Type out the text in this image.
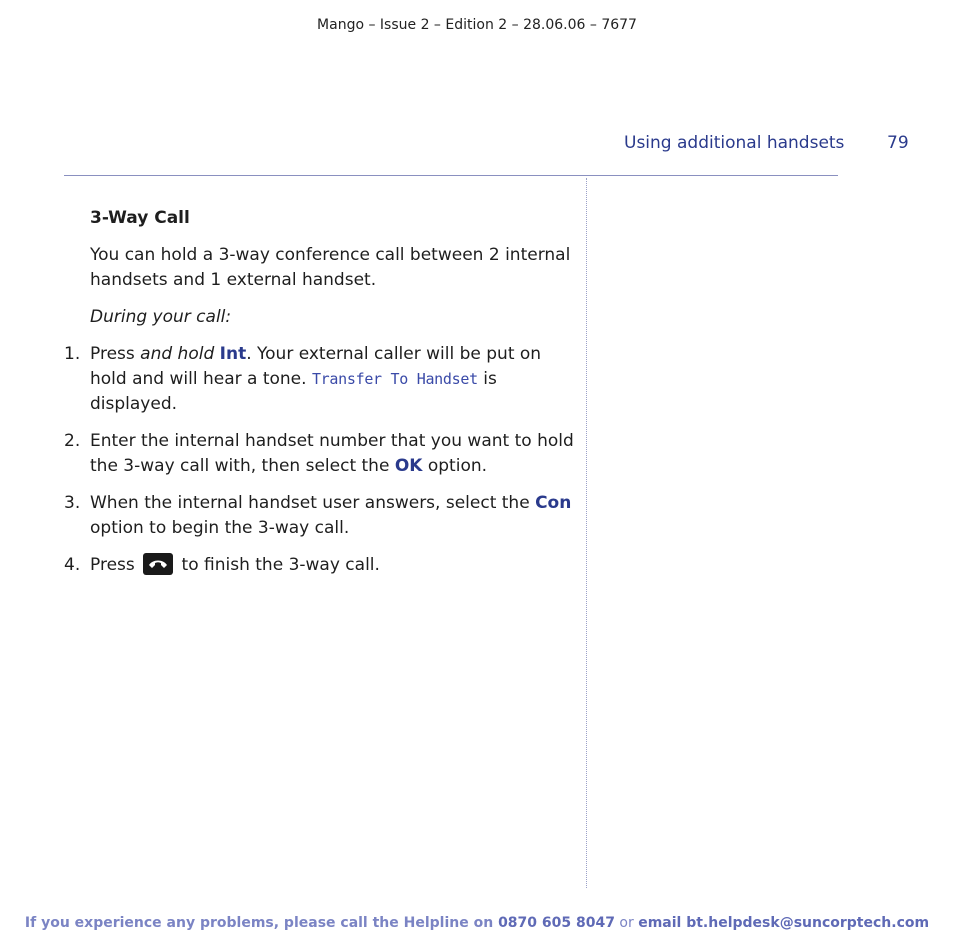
Mango – Issue 2 – Edition 2 – 28.06.06 – 7677
Using additional handsets	79
3-Way Call
You can hold a 3-way conference call between 2 internal handsets and 1 external handset.
During your call:
1. Press and hold Int. Your external caller will be put on hold and will hear a tone. Transfer To Handset is displayed.
2. Enter the internal handset number that you want to hold the 3-way call with, then select the OK option.
3. When the internal handset user answers, select the Con option to begin the 3-way call.
4. Press
to finish the 3-way call.
If you experience any problems, please call the Helpline on 0870 605 8047 or email bt.helpdesk@suncorptech.com
